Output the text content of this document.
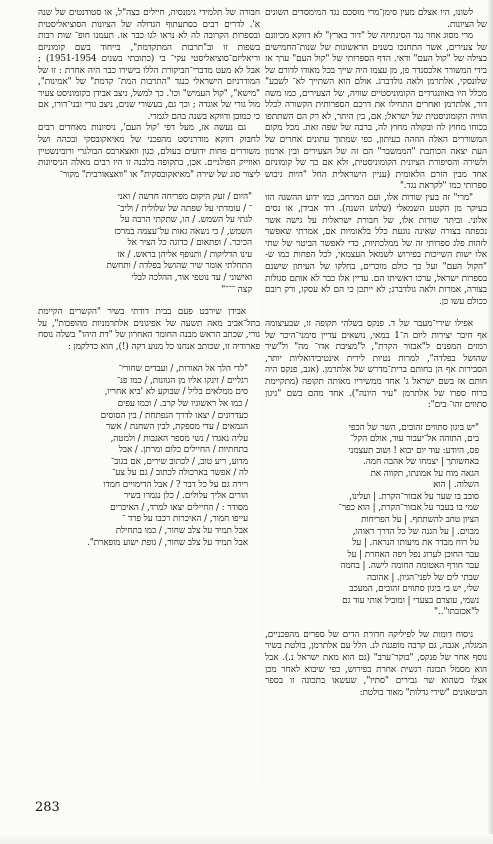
לשונו, היו אצלם מעין סימן־מרי מוסכם נגד המימסדים השונים של הציונות.

מרי מסוג אחר נגד הסינתיזה של "דור בארץ" לא דווקא מכיוונם של צעירים, אשר התחנכו בשנים הראשונות של שנות־החמישים בצילה של "קול העם" ודאי. הדף הספרותי של "קול העם" ערך אז בידי המשורר אלכסנדר פן, מן עצמו היה שייך בכל מאודו לדורם של שלונסקי, אלתרמן ולאה גולדברג. אולם הוא השתייך לא־ לשבע" מכלל היו באוונגרדים הקומוניסטיים שוויה, של הצעירים, כמו משה דור, אלתרמן ואחרים התחילו את דרכם הספרותית הקשורה לכלל הוויה הקומוניסטית של ישראל; אם, בין היתר, לא רק הם השתתפו בכוחו מחוץ לה ובקולה מחוץ לה, ברבה של שפה זאת. מכל מקום המשוררים האלה הוזהה בעיתון, כפי שמתוך עתונים אחרים של העת יצאה הכותבת "הממשבר" הם זה של הצעירים ובין ארמון ולשירה והסיפורת הציונית הקומוניסטית, זלא אם כך של קומוניזם אחד מבין הזרם הלאומית (עניין הישראלית החל "היות גיבוש ספרותי כמו "לקראת נגד."

"מרי" זה בעין שורות אלו, ועם המרחב, כמו ידוע ההשגה הזו בעיקר מן הקטע השמאלי (שלוש השנה). דוד אבידן, או נסים אלוני. וביתר שורות אלו, של חבורת ישראלית על גישה אשר נכפתה בצורה שאינה נוגעת כלל בלאומיות אם, אמרתי שאפשר לזהות פלג ספרותי זה של ממלכתיות, כדי לאפשר הביטוי של שתי אלו ישות השייכות בפירוש לשמאל העצמאי, לכל הפחות כמו ש- "הקול העם" ועל כך כולם מוכרים, בחלקו של העיתון שישנם בספרות ישראל, ערכו ראשיתו הם. עדיין אלו כבר לא אותם סגולות בצורה, אמרות ולאה גולדברג; לא ייתכן כי הם לא עסקו, ורק רובם ככולם עשו כן.

אפילו שירי־מעבר של ד. פנקס בשלהי תקופה זו, שבעיצומה אף חיבר יצירות ליום ה־1 במאי, נושאים עדיין סימני־היכר של רמזים המפנים ל"אבזור הקרת", ל"מציבת אדו־ מה" ול"שיר שהושל בפלדה", למרות נטיות לירית אינטיבידואליות יותר, הסבירות אף הן בחותם ברית־מדרש של אלתרמן. (אגב, פנקס היה חותם אז בשם ישראל ג' אחד ממשיריו מאותה תקופה (מתקיימת ברוח ספרו של אלתרמן "עיר היונה"). אחד מהם בשם "גיגון סתווים זהו־ בים":

"יש ביגון סתווים זהובים, השר של הכפי

בים, התוהה אל־יעבור עוד, אולם הקל־

פס, היודע: עוד יום יבוא ! ושוב תעצמני

באחשותך | יצמחו של אהבה חמה.

הגאה מוח על אמונתו, תקווה את

השלוה. | הוא

סובב בו שער על אבזור־הקרת. | ועלינו,

שמי בו בעבר על אבזור־הקרת, | הוא כפר־

הציון טחב להשתתף. | על הפריחות

מבוים. | על הגנה של כל הדרך ראוהו,

על רוח מבדר את מיעותו הנראה. | על

עבר החוכן לערוג נפל ויפה האחרת | על

עבר חורף האטומה החומה לישה. | בחמה

שבתי לים של לפני־הגיון. | אהובה

שלי, יש בי ביגון סתווים זהובים, המעכב

נשמי, עוצרם בצעדי | ומוביל אותי עוד גם

ל"אכזבתו".."

ניסוח דומות של לפיליקה חדורת הדים של ספרים מהפכניים, המגלה, אגבה, גם קרבה מופגנת לנ. הלל עם אלתרמן, בולטת בשיר נוסף אחר של פנקס, "בוקר־ערב" (גם הוא מאת ישראל נ.). אבל הוא מסמל תכונה רגשית אחרת בפירוש, כפי שיבוא לאחר מכן אצלו כשהוא שר גבירים "סתיו", שעשאו בתכונה זו בספר הביטאונים "שירי גדלות" מאוד בולטת:

חבורה של תלמידי גימנסיה, חיילים בצה"ל, או סטודנטים של שנה א'. לדרים רבים בסתעתוף הגדולה של הציונות הסוציאליסטית ובספרות הקרובה לה לא נראו לגו כבר אז. תעמנו חופ־ שות רבות בשפות זו וב"תרבות המתקדמת", בייחוד בשם קומוניזם וריאליזם־סוציאליסטי עקי־ בי (כתובתי בשנים 1951-1954) ; אבל לא מעט מדברי־הביקורת הללו בישירו כבר היה אחרת : זו של המודרניזם הישראלי כנגד "התרבות המת־ קדמת" של "אמינות", "מישא", "קול העמיש" וכו'. כך למשל, ניצב אבידן כקומוניסט צעיר מול גורי של אוגדה ; וכך גם, בעשורי שנים, ניצב גורי ובני־דורו, אם כי כמובן ודווקא בשנה בהם לגמרי.

גם נעשה אז, מעל דפי 'קול העם', ניסיונות מאחדים רבים לחבוק דווקא מודרניסט מהפכני של מאיאקובסקי ובכהה ושל משוררים פחות ידועים בעולם, כגון וואצארבס הבולגרי ורובינשטיין ואוזייק הפולניים. אכן, בתקופה בלבנה זו היו רבים מאלה הניסיונות ליצור סוג של שירה "מאיאקובסקית" או "וואצאורבית" מקור־

"היום / זעק היקום מפריחה חדשה / ואני

־ / עומדתי על שפתה של שלולית / וליב־

לגתי על השמש. / הו, שתקתי הרבה על

השמש, / כי נשאה גאות על־עצמה במרכז

הכיכר. / ופתאום / כדוגה כל הציר אל

עינו הדליקות / ותנופף אליהן בראש. / אז

התחלתי אומר שיר שהושל בפלדה / ותחשת

ואישוני / עד נוטפי אור, ההלכה לבלי

קצה ־־־"

אבידן שירבט פעם בבית דודתי בשיר "הקשרים הקיימת בתל־אביב מאה תשעה של אפיגונים אלתרמניות מהופכות", על גורי, שכתב הראש מבנה החומר האחרון של "דת היהו" בשלה נוסח פארודיה זו, שכותב אנחנו כל מנוע דקה (!), הוא כדלקמן :

"לדי הלך אל האורות, / ועבדים שחורי־

רגליים / זינקו אליו מן הגוונות, / כמו פנ־

סים ממלאים בליל / שבוקע לא 'ביא אחריו,

/ כמו אל ראשוניו של קרב. / וכמו עפים

כעדרונים / יצאו לדרך הנפתחת / בין הסוסים

הגמאים / עדי מספקת, לבין השחנת / אשר

עליה נאגדו / נשי מספר האגבות / ולמטה,

בתחתיות / החיילים כלום ומרתן. / אבל

מדוע, ריע טוב, / לכתוב שירים, אם בגוב־

לה / אפשר בארכולה לכתוב / גם על צע־

רירה גם על כל דבר ? / אבל הדימויים חמדו

הורים אליך עלולים. / כלן נגמרו בשיר

מסודר : / החיילים יצאו למרד, / האיכרים

עייפו חמור, / האיכרות רכבו על פרד ־

אבל תמיד על צלב שחור, / כמו בתחילת

אבל תמיד על צלב שחור, / גופת ישוע מופארת".

283
